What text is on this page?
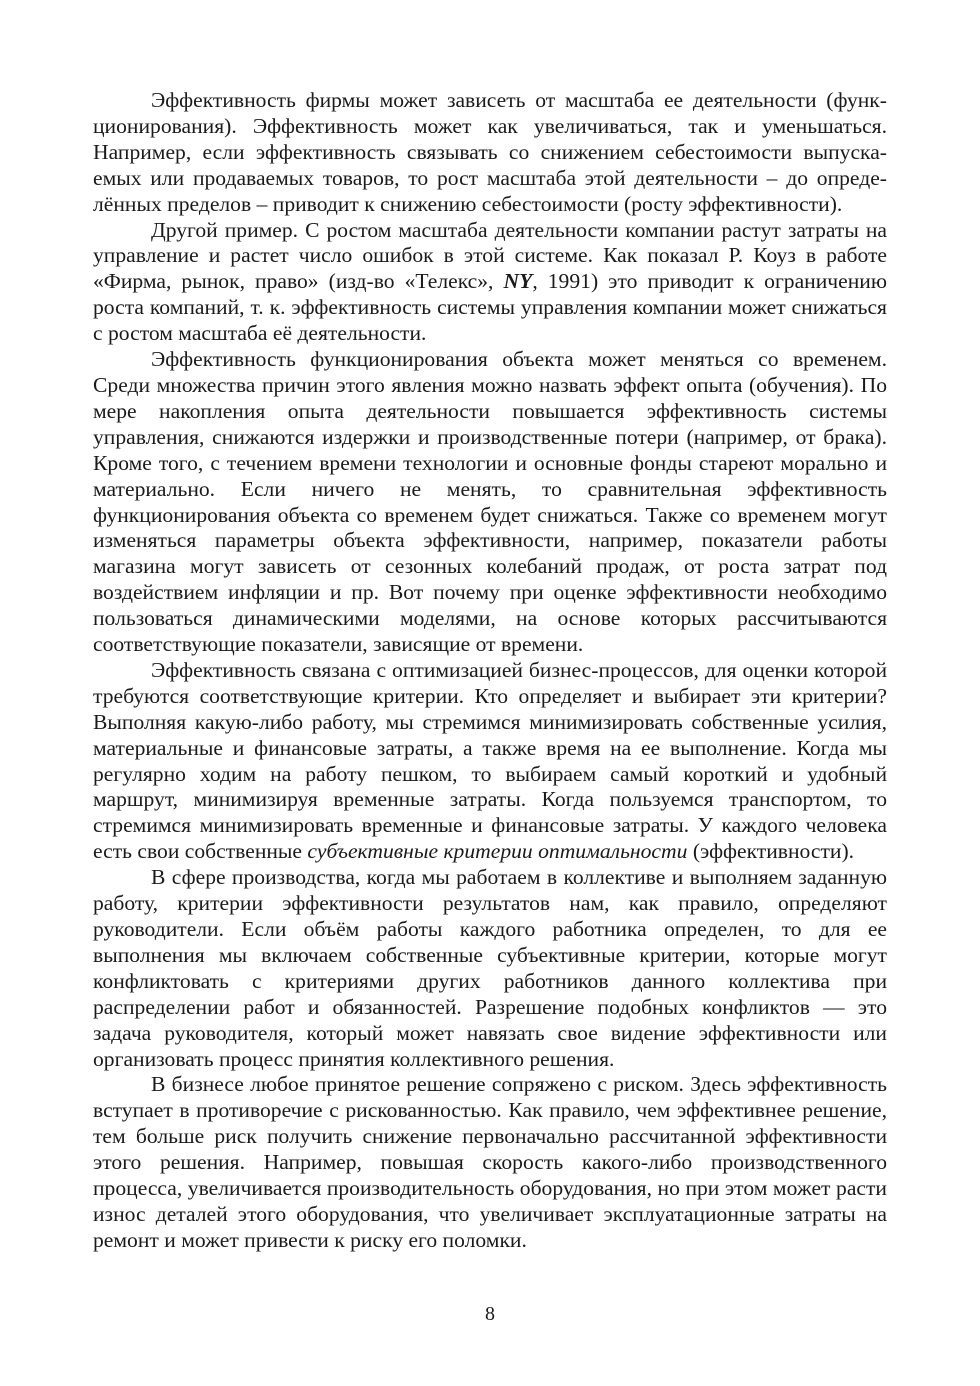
Эффективность фирмы может зависеть от масштаба ее деятельности (функционирования). Эффективность может как увеличиваться, так и уменьшаться. Например, если эффективность связывать со снижением себестоимости выпускаемых или продаваемых товаров, то рост масштаба этой деятельности – до определённых пределов – приводит к снижению себестоимости (росту эффективности).

Другой пример. С ростом масштаба деятельности компании растут затраты на управление и растет число ошибок в этой системе. Как показал Р. Коуз в работе «Фирма, рынок, право» (изд-во «Телекс», NY, 1991) это приводит к ограничению роста компаний, т. к. эффективность системы управления компании может снижаться с ростом масштаба её деятельности.

Эффективность функционирования объекта может меняться со временем. Среди множества причин этого явления можно назвать эффект опыта (обучения). По мере накопления опыта деятельности повышается эффективность системы управления, снижаются издержки и производственные потери (например, от брака). Кроме того, с течением времени технологии и основные фонды стареют морально и материально. Если ничего не менять, то сравнительная эффективность функционирования объекта со временем будет снижаться. Также со временем могут изменяться параметры объекта эффективности, например, показатели работы магазина могут зависеть от сезонных колебаний продаж, от роста затрат под воздействием инфляции и пр. Вот почему при оценке эффективности необходимо пользоваться динамическими моделями, на основе которых рассчитываются соответствующие показатели, зависящие от времени.

Эффективность связана с оптимизацией бизнес-процессов, для оценки которой требуются соответствующие критерии. Кто определяет и выбирает эти критерии? Выполняя какую-либо работу, мы стремимся минимизировать собственные усилия, материальные и финансовые затраты, а также время на ее выполнение. Когда мы регулярно ходим на работу пешком, то выбираем самый короткий и удобный маршрут, минимизируя временные затраты. Когда пользуемся транспортом, то стремимся минимизировать временные и финансовые затраты. У каждого человека есть свои собственные субъективные критерии оптимальности (эффективности).

В сфере производства, когда мы работаем в коллективе и выполняем заданную работу, критерии эффективности результатов нам, как правило, определяют руководители. Если объём работы каждого работника определен, то для ее выполнения мы включаем собственные субъективные критерии, которые могут конфликтовать с критериями других работников данного коллектива при распределении работ и обязанностей. Разрешение подобных конфликтов — это задача руководителя, который может навязать свое видение эффективности или организовать процесс принятия коллективного решения.

В бизнесе любое принятое решение сопряжено с риском. Здесь эффективность вступает в противоречие с рискованностью. Как правило, чем эффективнее решение, тем больше риск получить снижение первоначально рассчитанной эффективности этого решения. Например, повышая скорость какого-либо производственного процесса, увеличивается производительность оборудования, но при этом может расти износ деталей этого оборудования, что увеличивает эксплуатационные затраты на ремонт и может привести к риску его поломки.

8
